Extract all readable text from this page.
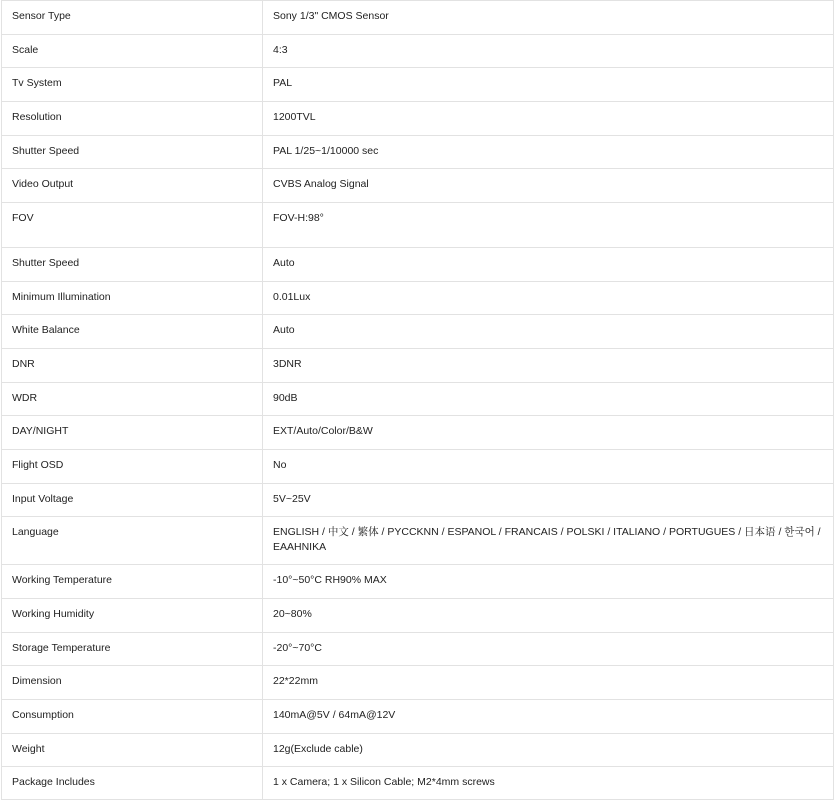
Sensor Type	Sony 1/3" CMOS Sensor
Scale	4:3
Tv System	PAL
Resolution	1200TVL
Shutter Speed	PAL 1/25~1/10000 sec
Video Output	CVBS Analog Signal
FOV	FOV-H:98°
Shutter Speed	Auto
Minimum Illumination	0.01Lux
White Balance	Auto
DNR	3DNR
WDR	90dB
DAY/NIGHT	EXT/Auto/Color/B&W
Flight OSD	No
Input Voltage	5V~25V
Language	ENGLISH / 中文 / 繁体 / PYCCKNN / ESPANOL / FRANCAIS / POLSKI / ITALIANO / PORTUGUES / 日本语 / 한국어 / EAAHNIKA
Working Temperature	-10°~50°C RH90% MAX
Working Humidity	20~80%
Storage Temperature	-20°~70°C
Dimension	22*22mm
Consumption	140mA@5V / 64mA@12V
Weight	12g(Exclude cable)
Package Includes	1 x Camera; 1 x Silicon Cable; M2*4mm screws
